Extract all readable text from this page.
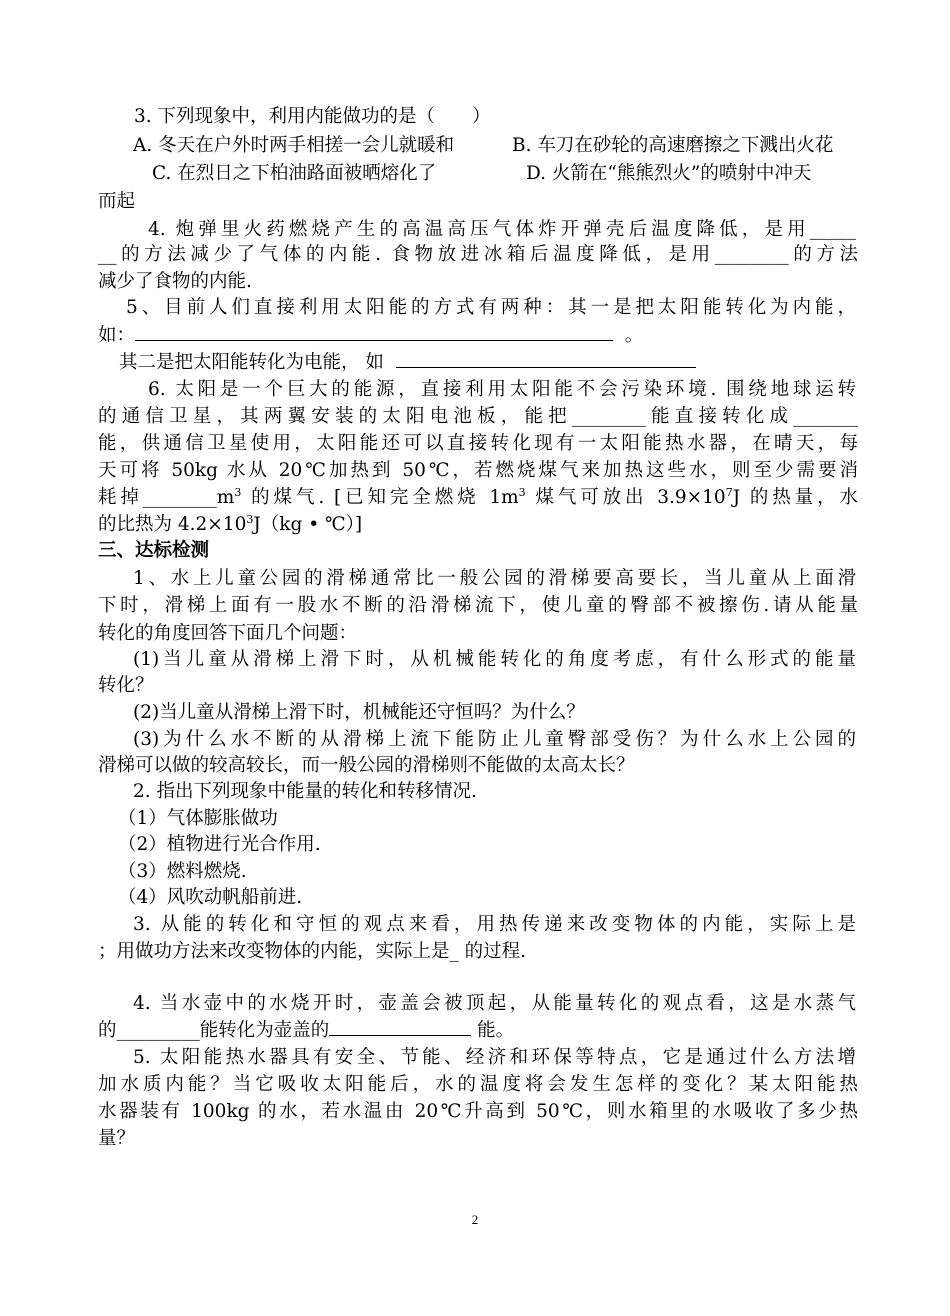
3. 下列现象中，利用内能做功的是（　　）
A. 冬天在户外时两手相搓一会儿就暖和	B. 车刀在砂轮的高速磨擦之下溅出火花
C. 在烈日之下柏油路面被晒熔化了	D. 火箭在“熊熊烈火”的喷射中冲天
而起
4. 炮弹里火药燃烧产生的高温高压气体炸开弹壳后温度降低，是用_____
__的方法减少了气体的内能. 食物放进冰箱后温度降低，是用________的方法
减少了食物的内能.
5、目前人们直接利用太阳能的方式有两种：其一是把太阳能转化为内能，
如：	。
其二是把太阳能转化为电能， 如
6. 太阳是一个巨大的能源，直接利用太阳能不会污染环境. 围绕地球运转
的通信卫星，其两翼安装的太阳电池板，能把________能直接转化成_______
能，供通信卫星使用，太阳能还可以直接转化现有一太阳能热水器，在晴天，每
天可将 50kg 水从 20℃加热到 50℃，若燃烧煤气来加热这些水，则至少需要消
耗掉$\_\_\_\_\_\_\_\_m^3$ 的煤气. [已知完全燃烧 $1m^3$ 煤气可放出 $3.9\times 10^7J$ 的热量，水
的比热为 $4.2\times 10^3J(kg$ • ℃）]
三、达标检测
1、水上儿童公园的滑梯通常比一般公园的滑梯要高要长，当儿童从上面滑
下时，滑梯上面有一股水不断的沿滑梯流下，使儿童的臀部不被擦伤.请从能量
转化的角度回答下面几个问题：
(1)当儿童从滑梯上滑下时，从机械能转化的角度考虑，有什么形式的能量
转化？
(2)当儿童从滑梯上滑下时，机械能还守恒吗？为什么？
(3)为什么水不断的从滑梯上流下能防止儿童臀部受伤？为什么水上公园的
滑梯可以做的较高较长，而一般公园的滑梯则不能做的太高太长？
2. 指出下列现象中能量的转化和转移情况.
（1）气体膨胀做功
（2）植物进行光合作用.
（3）燃料燃烧.
（4）风吹动帆船前进.
3. 从能的转化和守恒的观点来看，用热传递来改变物体的内能，实际上是
；用做功方法来改变物体的内能，实际上是_ 的过程.
4. 当水壶中的水烧开时，壶盖会被顶起，从能量转化的观点看，这是水蒸气
的_________能转化为壶盖的	能。
5. 太阳能热水器具有安全、节能、经济和环保等特点，它是通过什么方法增
加水质内能？当它吸收太阳能后，水的温度将会发生怎样的变化？某太阳能热
水器装有 100kg 的水，若水温由 20℃升高到 50℃，则水箱里的水吸收了多少热
量？
2
